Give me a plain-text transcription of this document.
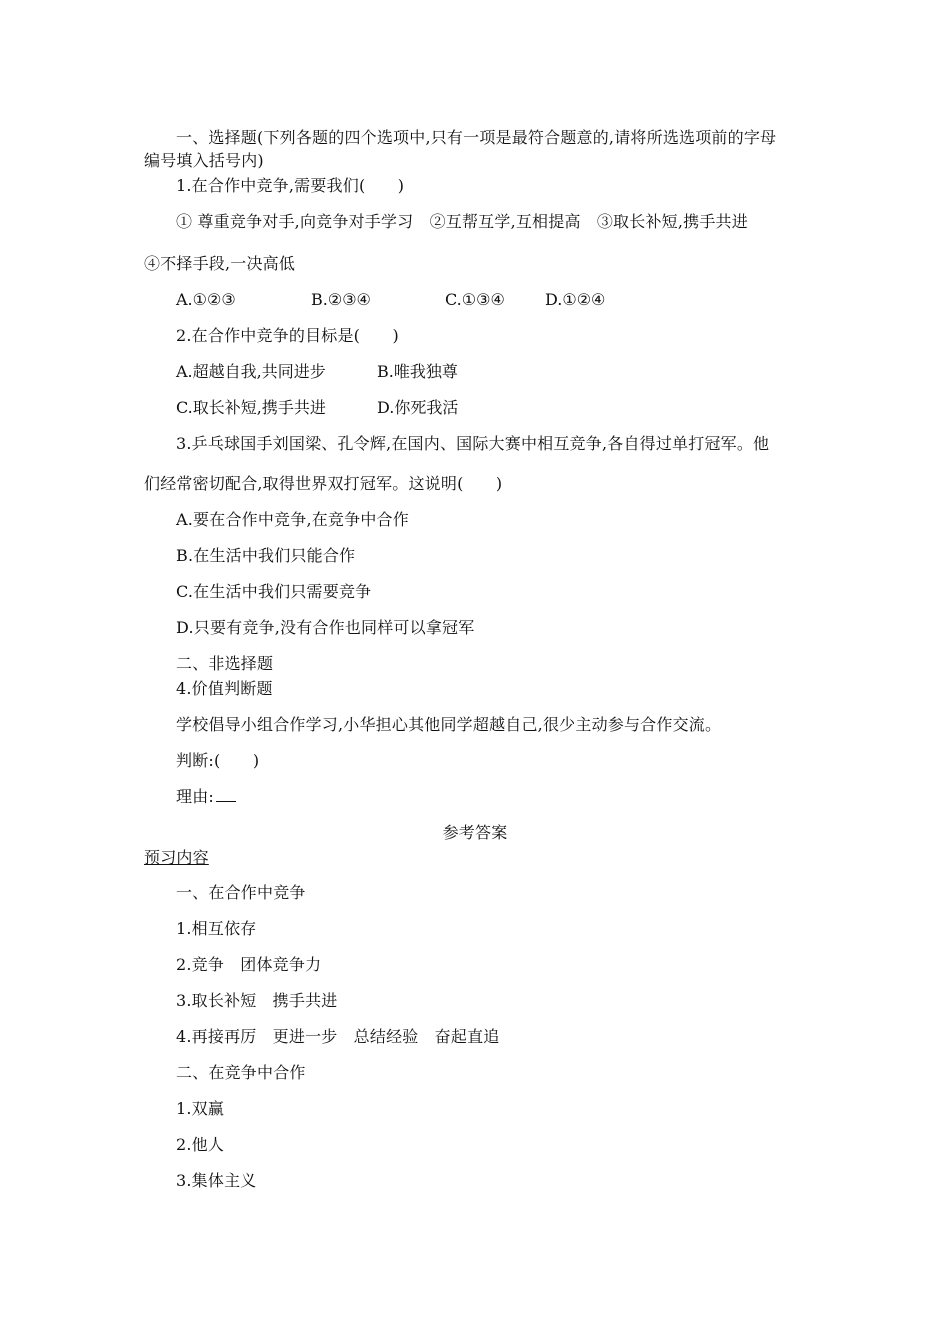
一、选择题(下列各题的四个选项中,只有一项是最符合题意的,请将所选选项前的字母
编号填入括号内)
1.在合作中竞争,需要我们(　　)
① 尊重竞争对手,向竞争对手学习　②互帮互学,互相提高　③取长补短,携手共进
④不择手段,一决高低
A.①②③	B.②③④	C.①③④	D.①②④
2.在合作中竞争的目标是(　　)
A.超越自我,共同进步	B.唯我独尊
C.取长补短,携手共进	D.你死我活
3.乒乓球国手刘国梁、孔令辉,在国内、国际大赛中相互竞争,各自得过单打冠军。他
们经常密切配合,取得世界双打冠军。这说明(　　)
A.要在合作中竞争,在竞争中合作
B.在生活中我们只能合作
C.在生活中我们只需要竞争
D.只要有竞争,没有合作也同样可以拿冠军
二、非选择题
4.价值判断题
学校倡导小组合作学习,小华担心其他同学超越自己,很少主动参与合作交流。
判断:(　　)
理由:
参考答案
预习内容
一、在合作中竞争
1.相互依存
2.竞争　团体竞争力
3.取长补短　携手共进
4.再接再厉　更进一步　总结经验　奋起直追
二、在竞争中合作
1.双赢
2.他人
3.集体主义
